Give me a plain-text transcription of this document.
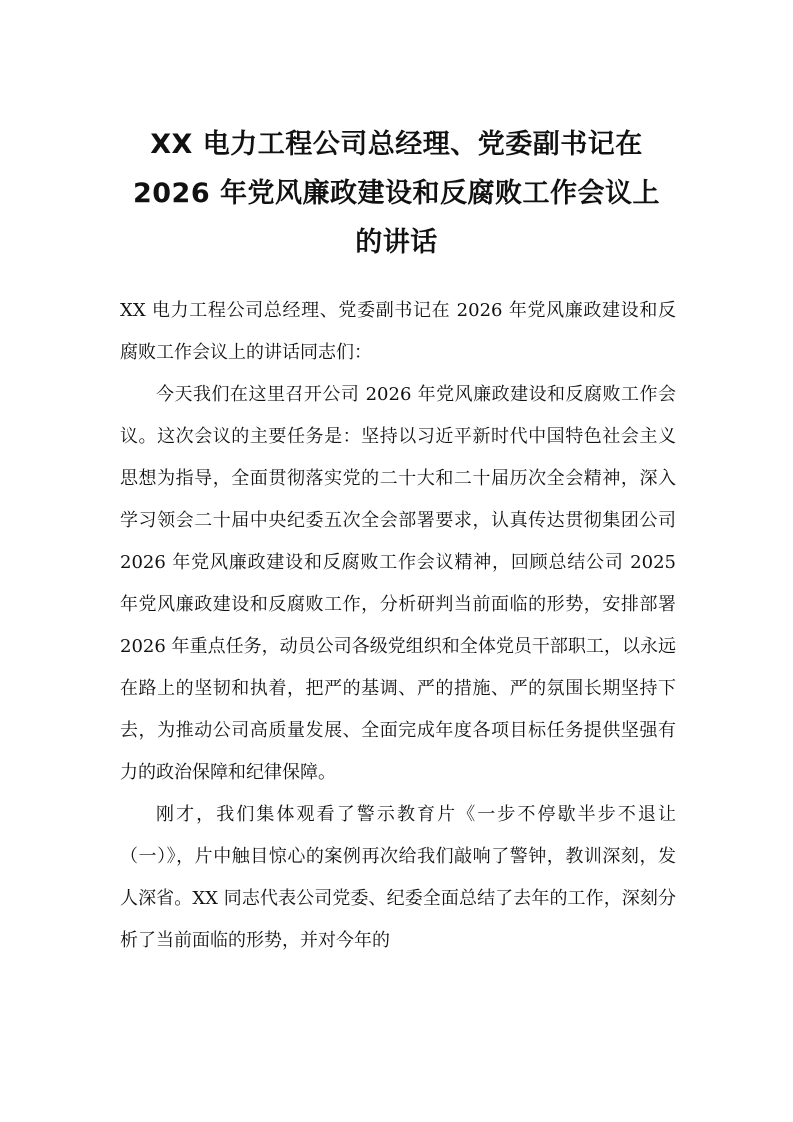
XX 电力工程公司总经理、党委副书记在
2026 年党风廉政建设和反腐败工作会议上
的讲话

XX 电力工程公司总经理、党委副书记在 2026 年党风廉政建设和反腐败工作会议上的讲话同志们：

今天我们在这里召开公司 2026 年党风廉政建设和反腐败工作会议。这次会议的主要任务是：坚持以习近平新时代中国特色社会主义思想为指导，全面贯彻落实党的二十大和二十届历次全会精神，深入学习领会二十届中央纪委五次全会部署要求，认真传达贯彻集团公司 2026 年党风廉政建设和反腐败工作会议精神，回顾总结公司 2025 年党风廉政建设和反腐败工作，分析研判当前面临的形势，安排部署 2026 年重点任务，动员公司各级党组织和全体党员干部职工，以永远在路上的坚韧和执着，把严的基调、严的措施、严的氛围长期坚持下去，为推动公司高质量发展、全面完成年度各项目标任务提供坚强有力的政治保障和纪律保障。

刚才，我们集体观看了警示教育片《一步不停歇半步不退让（一）》，片中触目惊心的案例再次给我们敲响了警钟，教训深刻，发人深省。XX 同志代表公司党委、纪委全面总结了去年的工作，深刻分析了当前面临的形势，并对今年的
